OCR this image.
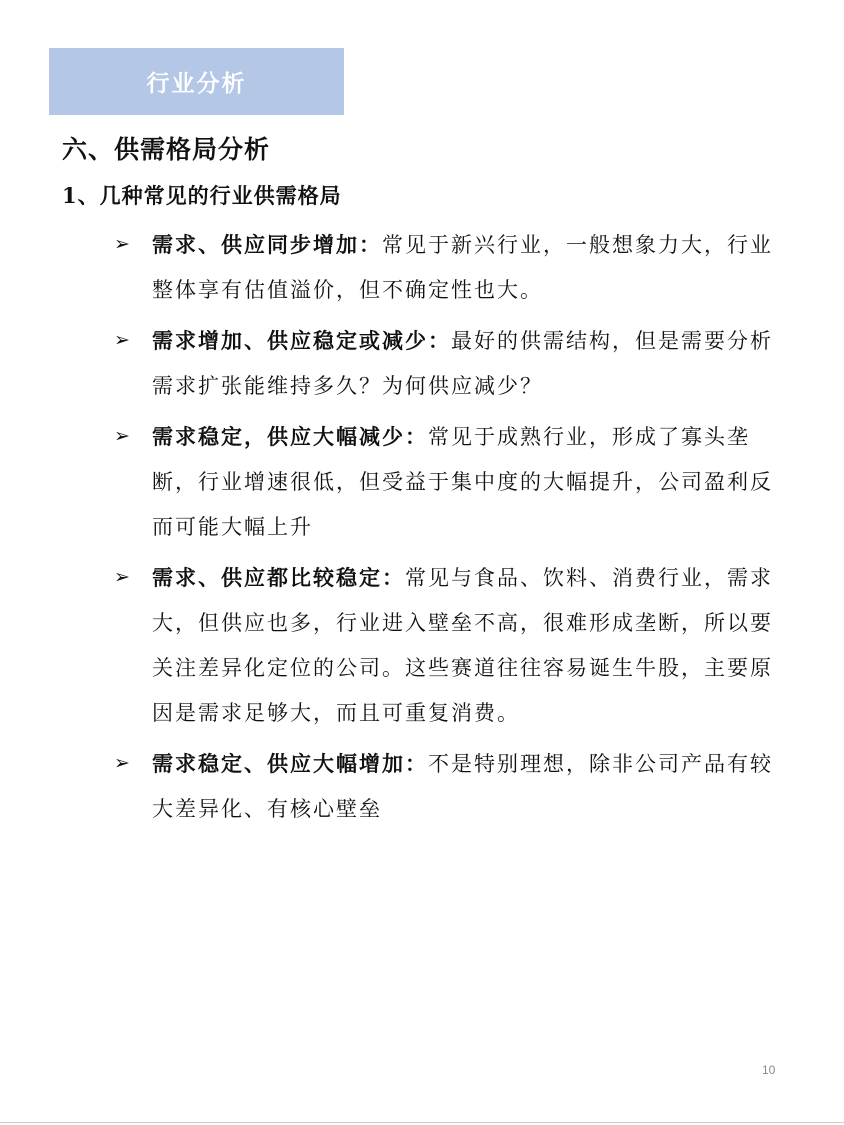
行业分析
六、供需格局分析
1、几种常见的行业供需格局
➢	需求、供应同步增加：常见于新兴行业，一般想象力大，行业整体享有估值溢价，但不确定性也大。
➢	需求增加、供应稳定或减少：最好的供需结构，但是需要分析需求扩张能维持多久？为何供应减少？
➢	需求稳定，供应大幅减少：常见于成熟行业，形成了寡头垄断，行业增速很低，但受益于集中度的大幅提升，公司盈利反而可能大幅上升
➢	需求、供应都比较稳定：常见与食品、饮料、消费行业，需求大，但供应也多，行业进入壁垒不高，很难形成垄断，所以要关注差异化定位的公司。这些赛道往往容易诞生牛股，主要原因是需求足够大，而且可重复消费。
➢	需求稳定、供应大幅增加：不是特别理想，除非公司产品有较大差异化、有核心壁垒
10
